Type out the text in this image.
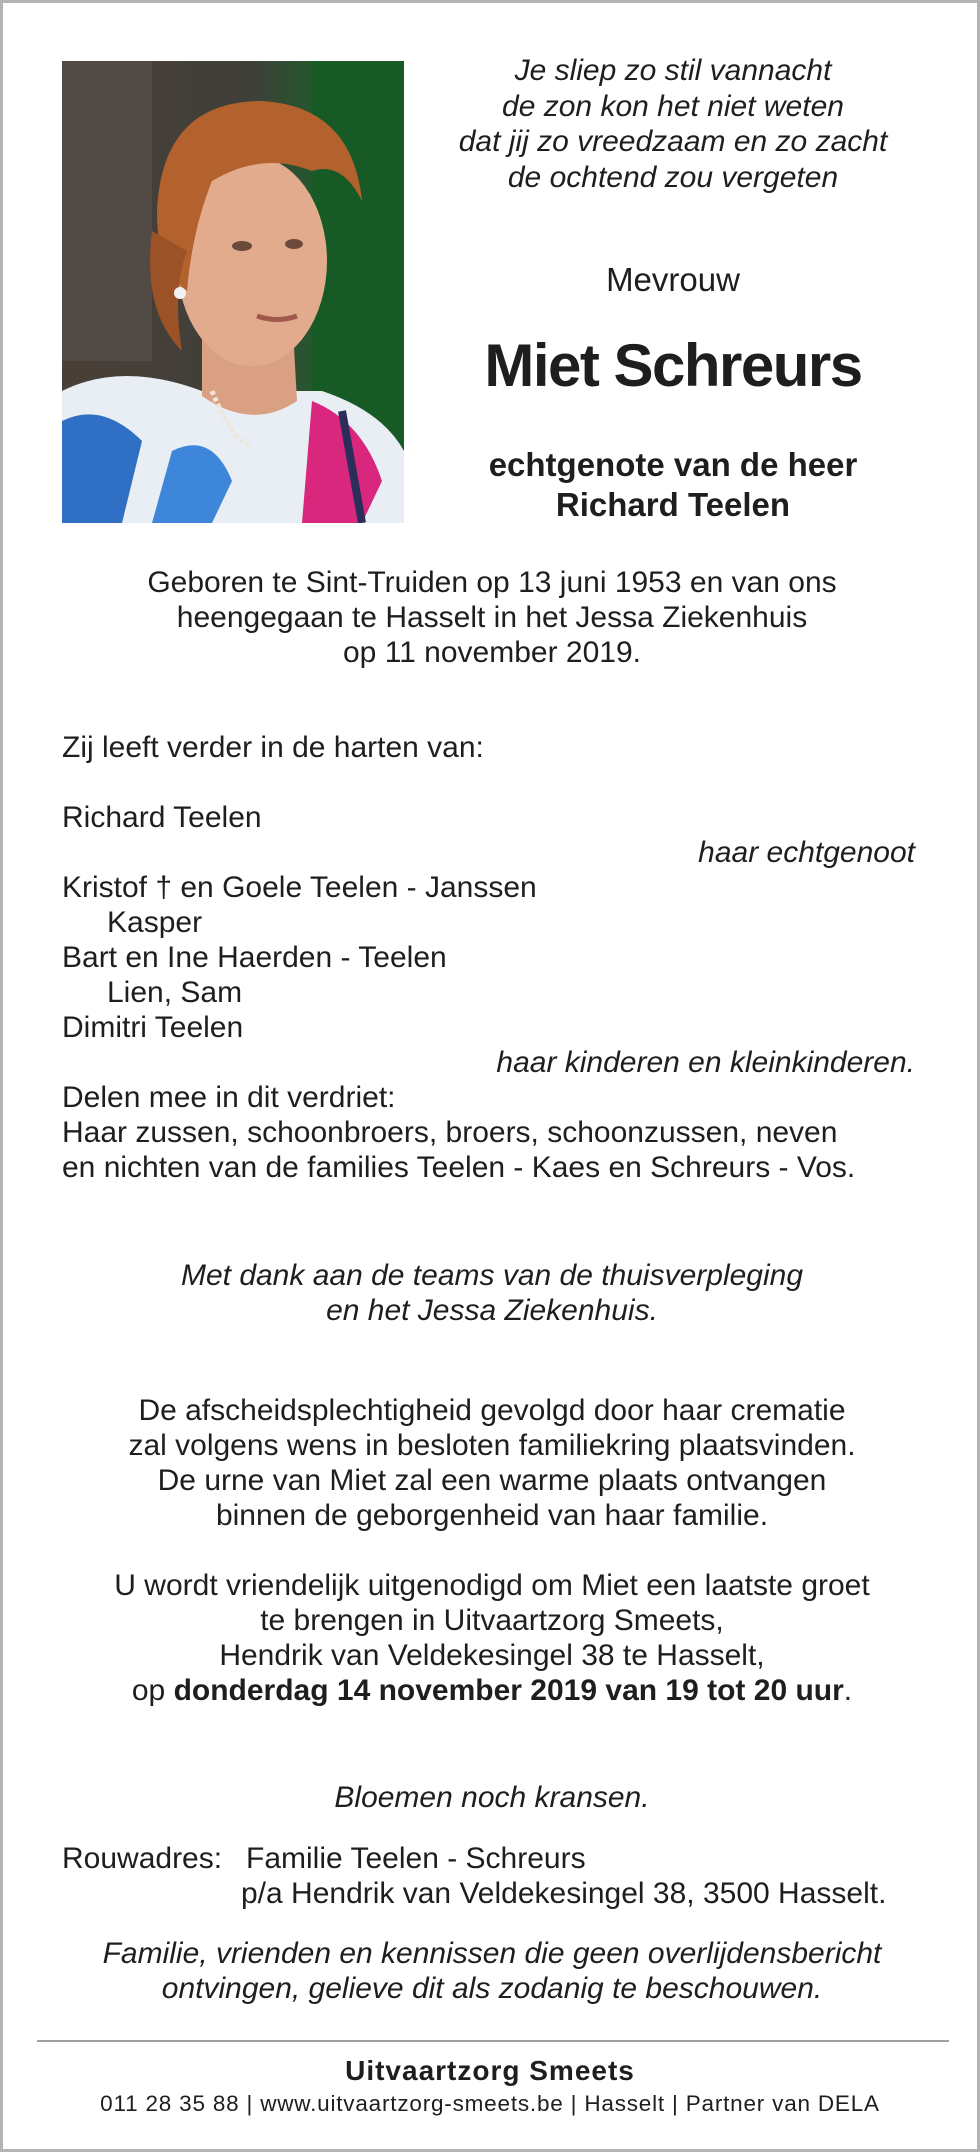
Je sliep zo stil vannacht
de zon kon het niet weten
dat jij zo vreedzaam en zo zacht
de ochtend zou vergeten
Mevrouw
Miet Schreurs
echtgenote van de heer
Richard Teelen
Geboren te Sint-Truiden op 13 juni 1953 en van ons
heengegaan te Hasselt in het Jessa Ziekenhuis
op 11 november 2019.
Zij leeft verder in de harten van:
Richard Teelen
haar echtgenoot
Kristof † en Goele Teelen - Janssen
Kasper
Bart en Ine Haerden - Teelen
Lien, Sam
Dimitri Teelen
haar kinderen en kleinkinderen.
Delen mee in dit verdriet:
Haar zussen, schoonbroers, broers, schoonzussen, neven
en nichten van de families Teelen - Kaes en Schreurs - Vos.
Met dank aan de teams van de thuisverpleging
en het Jessa Ziekenhuis.
De afscheidsplechtigheid gevolgd door haar crematie
zal volgens wens in besloten familiekring plaatsvinden.
De urne van Miet zal een warme plaats ontvangen
binnen de geborgenheid van haar familie.
U wordt vriendelijk uitgenodigd om Miet een laatste groet
te brengen in Uitvaartzorg Smeets,
Hendrik van Veldekesingel 38 te Hasselt,
op donderdag 14 november 2019 van 19 tot 20 uur.
Bloemen noch kransen.
Rouwadres: Familie Teelen - Schreurs
p/a Hendrik van Veldekesingel 38, 3500 Hasselt.
Familie, vrienden en kennissen die geen overlijdensbericht
ontvingen, gelieve dit als zodanig te beschouwen.
Uitvaartzorg Smeets
011 28 35 88 | www.uitvaartzorg-smeets.be | Hasselt | Partner van DELA
